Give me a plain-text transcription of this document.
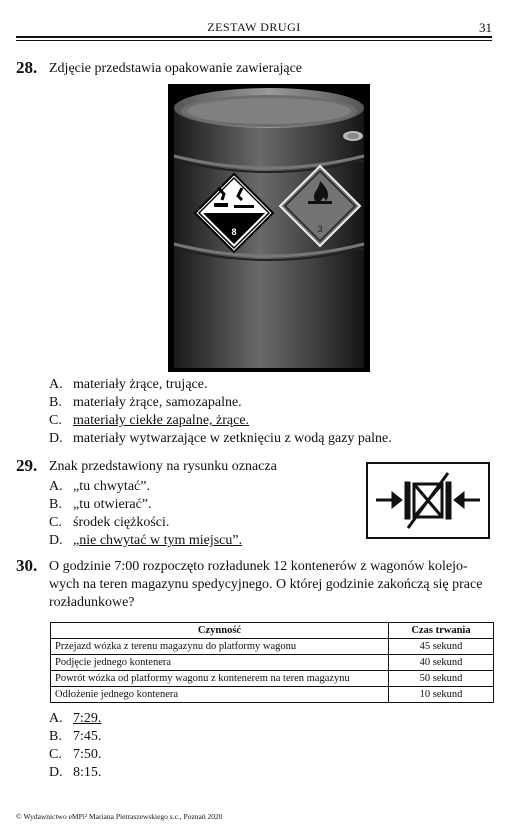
ZESTAW DRUGI	31
28. Zdjęcie przedstawia opakowanie zawierające
8	3
A. materiały żrące, trujące.
B. materiały żrące, samozapalne.
C. materiały ciekłe zapalne, żrące.
D. materiały wytwarzające w zetknięciu z wodą gazy palne.
29. Znak przedstawiony na rysunku oznacza
A. „tu chwytać”.
B. „tu otwierać”.
C. środek ciężkości.
D. „nie chwytać w tym miejscu”.
30. O godzinie 7:00 rozpoczęto rozładunek 12 kontenerów z wagonów kolejo-
wych na teren magazynu spedycyjnego. O której godzinie zakończą się prace
rozładunkowe?
Czynność	Czas trwania
Przejazd wózka z terenu magazynu do platformy wagonu	45 sekund
Podjęcie jednego kontenera	40 sekund
Powrót wózka od platformy wagonu z kontenerem na teren magazynu	50 sekund
Odłożenie jednego kontenera	10 sekund
A. 7:29.
B. 7:45.
C. 7:50.
D. 8:15.
© Wydawnictwo eMPi² Mariana Pietraszewskiego s.c., Poznań 2020
